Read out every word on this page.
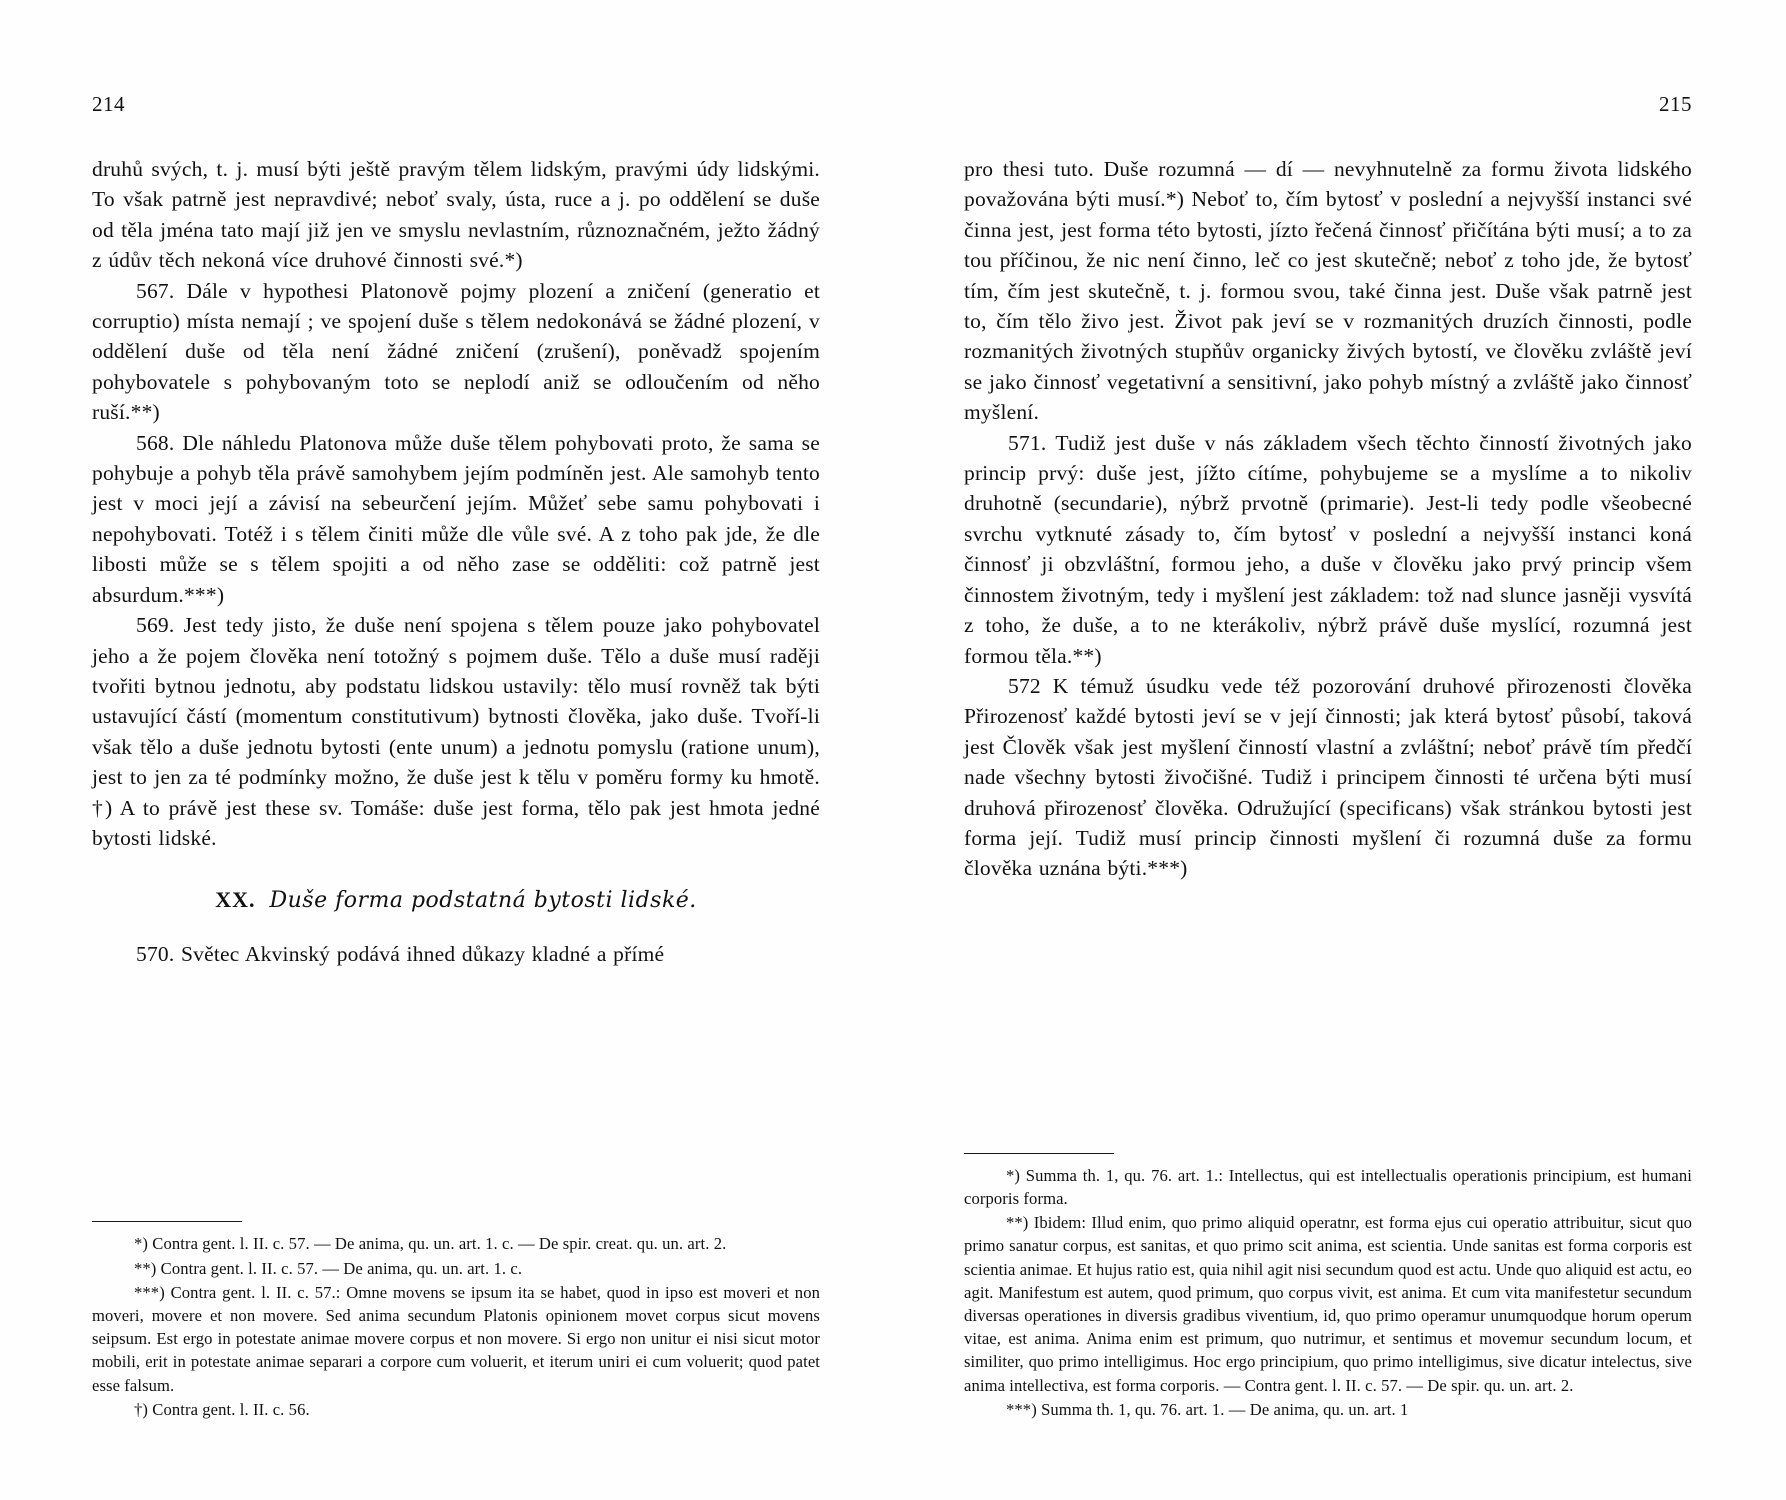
214

druhů svých, t. j. musí býti ještě pravým tělem lidským, pravými údy lidskými. To však patrně jest nepravdivé; neboť svaly, ústa, ruce a j. po oddělení se duše od těla jména tato mají již jen ve smyslu nevlastním, různoznačném, ježto žádný z údův těch nekoná více druhové činnosti své.*)

567. Dále v hypothesi Platonově pojmy plození a zničení (generatio et corruptio) místa nemají ; ve spojení duše s tělem nedokonává se žádné plození, v oddělení duše od těla není žádné zničení (zrušení), poněvadž spojením pohybovatele s pohybovaným toto se neplodí aniž se odloučením od něho ruší.**)

568. Dle náhledu Platonova může duše tělem pohybovati proto, že sama se pohybuje a pohyb těla právě samohybem jejím podmíněn jest. Ale samohyb tento jest v moci její a závisí na sebeurčení jejím. Můžeť sebe samu pohybovati i nepohybovati. Totéž i s tělem činiti může dle vůle své. A z toho pak jde, že dle libosti může se s tělem spojiti a od něho zase se odděliti: což patrně jest absurdum.***)

569. Jest tedy jisto, že duše není spojena s tělem pouze jako pohybovatel jeho a že pojem člověka není totožný s pojmem duše. Tělo a duše musí raději tvořiti bytnou jednotu, aby podstatu lidskou ustavily: tělo musí rovněž tak býti ustavující částí (momentum constitutivum) bytnosti člověka, jako duše. Tvoří-li však tělo a duše jednotu bytosti (ente unum) a jednotu pomyslu (ratione unum), jest to jen za té podmínky možno, že duše jest k tělu v poměru formy ku hmotě. †) A to právě jest these sv. Tomáše: duše jest forma, tělo pak jest hmota jedné bytosti lidské.

XX. Duše forma podstatná bytosti lidské.

570. Světec Akvinský podává ihned důkazy kladné a přímé

*) Contra gent. l. II. c. 57. — De anima, qu. un. art. 1. c. — De spir. creat. qu. un. art. 2.

**) Contra gent. l. II. c. 57. — De anima, qu. un. art. 1. c.

***) Contra gent. l. II. c. 57.: Omne movens se ipsum ita se habet, quod in ipso est moveri et non moveri, movere et non movere. Sed anima secundum Platonis opinionem movet corpus sicut movens seipsum. Est ergo in potestate animae movere corpus et non movere. Si ergo non unitur ei nisi sicut motor mobili, erit in potestate animae separari a corpore cum voluerit, et iterum uniri ei cum voluerit; quod patet esse falsum.

†) Contra gent. l. II. c. 56.

215

pro thesi tuto. Duše rozumná — dí — nevyhnutelně za formu života lidského považována býti musí.*) Neboť to, čím bytosť v poslední a nejvyšší instanci své činna jest, jest forma této bytosti, jízto řečená činnosť přičítána býti musí; a to za tou příčinou, že nic není činno, leč co jest skutečně; neboť z toho jde, že bytosť tím, čím jest skutečně, t. j. formou svou, také činna jest. Duše však patrně jest to, čím tělo živo jest. Život pak jeví se v rozmanitých druzích činnosti, podle rozmanitých životných stupňův organicky živých bytostí, ve člověku zvláště jeví se jako činnosť vegetativní a sensitivní, jako pohyb místný a zvláště jako činnosť myšlení.

571. Tudiž jest duše v nás základem všech těchto činností životných jako princip prvý: duše jest, jížto cítíme, pohybujeme se a myslíme a to nikoliv druhotně (secundarie), nýbrž prvotně (primarie). Jest-li tedy podle všeobecné svrchu vytknuté zásady to, čím bytosť v poslední a nejvyšší instanci koná činnosť ji obzvláštní, formou jeho, a duše v člověku jako prvý princip všem činnostem životným, tedy i myšlení jest základem: tož nad slunce jasněji vysvítá z toho, že duše, a to ne kterákoliv, nýbrž právě duše myslící, rozumná jest formou těla.**)

572 K témuž úsudku vede též pozorování druhové přirozenosti člověka Přirozenosť každé bytosti jeví se v její činnosti; jak která bytosť působí, taková jest Člověk však jest myšlení činností vlastní a zvláštní; neboť právě tím předčí nade všechny bytosti živočišné. Tudiž i principem činnosti té určena býti musí druhová přirozenosť člověka. Odružující (specificans) však stránkou bytosti jest forma její. Tudiž musí princip činnosti myšlení či rozumná duše za formu člověka uznána býti.***)

*) Summa th. 1, qu. 76. art. 1.: Intellectus, qui est intellectualis operationis principium, est humani corporis forma.

**) Ibidem: Illud enim, quo primo aliquid operatnr, est forma ejus cui operatio attribuitur, sicut quo primo sanatur corpus, est sanitas, et quo primo scit anima, est scientia. Unde sanitas est forma corporis est scientia animae. Et hujus ratio est, quia nihil agit nisi secundum quod est actu. Unde quo aliquid est actu, eo agit. Manifestum est autem, quod primum, quo corpus vivit, est anima. Et cum vita manifestetur secundum diversas operationes in diversis gradibus viventium, id, quo primo operamur unumquodque horum operum vitae, est anima. Anima enim est primum, quo nutrimur, et sentimus et movemur secundum locum, et similiter, quo primo intelligimus. Hoc ergo principium, quo primo intelligimus, sive dicatur intelectus, sive anima intellectiva, est forma corporis. — Contra gent. l. II. c. 57. — De spir. qu. un. art. 2.

***) Summa th. 1, qu. 76. art. 1. — De anima, qu. un. art. 1
